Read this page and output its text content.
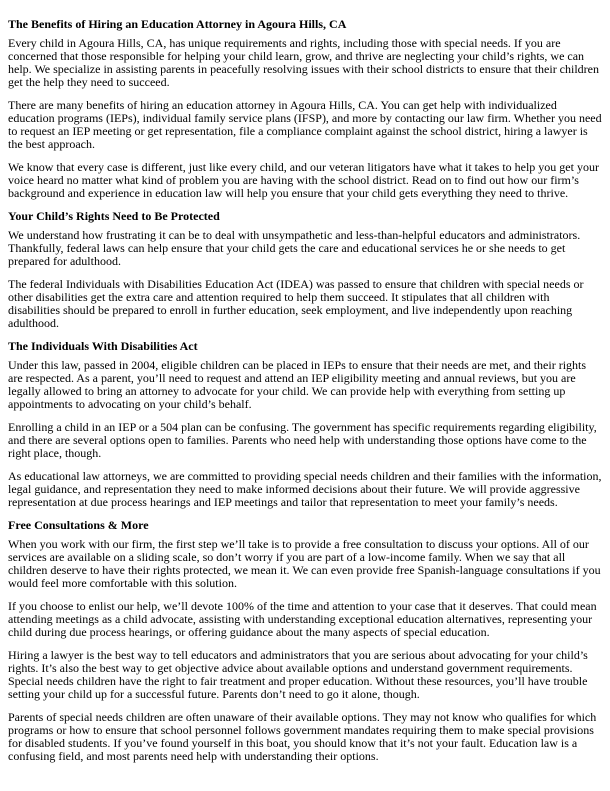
The Benefits of Hiring an Education Attorney in Agoura Hills, CA
Every child in Agoura Hills, CA, has unique requirements and rights, including those with special needs. If you are
concerned that those responsible for helping your child learn, grow, and thrive are neglecting your child’s rights, we can
help. We specialize in assisting parents in peacefully resolving issues with their school districts to ensure that their children
get the help they need to succeed.
There are many benefits of hiring an education attorney in Agoura Hills, CA. You can get help with individualized
education programs (IEPs), individual family service plans (IFSP), and more by contacting our law firm. Whether you need
to request an IEP meeting or get representation, file a compliance complaint against the school district, hiring a lawyer is
the best approach.
We know that every case is different, just like every child, and our veteran litigators have what it takes to help you get your
voice heard no matter what kind of problem you are having with the school district. Read on to find out how our firm’s
background and experience in education law will help you ensure that your child gets everything they need to thrive.
Your Child’s Rights Need to Be Protected
We understand how frustrating it can be to deal with unsympathetic and less-than-helpful educators and administrators.
Thankfully, federal laws can help ensure that your child gets the care and educational services he or she needs to get
prepared for adulthood.
The federal Individuals with Disabilities Education Act (IDEA) was passed to ensure that children with special needs or
other disabilities get the extra care and attention required to help them succeed. It stipulates that all children with
disabilities should be prepared to enroll in further education, seek employment, and live independently upon reaching
adulthood.
The Individuals With Disabilities Act
Under this law, passed in 2004, eligible children can be placed in IEPs to ensure that their needs are met, and their rights
are respected. As a parent, you’ll need to request and attend an IEP eligibility meeting and annual reviews, but you are
legally allowed to bring an attorney to advocate for your child. We can provide help with everything from setting up
appointments to advocating on your child’s behalf.
Enrolling a child in an IEP or a 504 plan can be confusing. The government has specific requirements regarding eligibility,
and there are several options open to families. Parents who need help with understanding those options have come to the
right place, though.
As educational law attorneys, we are committed to providing special needs children and their families with the information,
legal guidance, and representation they need to make informed decisions about their future. We will provide aggressive
representation at due process hearings and IEP meetings and tailor that representation to meet your family’s needs.
Free Consultations & More
When you work with our firm, the first step we’ll take is to provide a free consultation to discuss your options. All of our
services are available on a sliding scale, so don’t worry if you are part of a low-income family. When we say that all
children deserve to have their rights protected, we mean it. We can even provide free Spanish-language consultations if you
would feel more comfortable with this solution.
If you choose to enlist our help, we’ll devote 100% of the time and attention to your case that it deserves. That could mean
attending meetings as a child advocate, assisting with understanding exceptional education alternatives, representing your
child during due process hearings, or offering guidance about the many aspects of special education.
Hiring a lawyer is the best way to tell educators and administrators that you are serious about advocating for your child’s
rights. It’s also the best way to get objective advice about available options and understand government requirements.
Special needs children have the right to fair treatment and proper education. Without these resources, you’ll have trouble
setting your child up for a successful future. Parents don’t need to go it alone, though.
Parents of special needs children are often unaware of their available options. They may not know who qualifies for which
programs or how to ensure that school personnel follows government mandates requiring them to make special provisions
for disabled students. If you’ve found yourself in this boat, you should know that it’s not your fault. Education law is a
confusing field, and most parents need help with understanding their options.
